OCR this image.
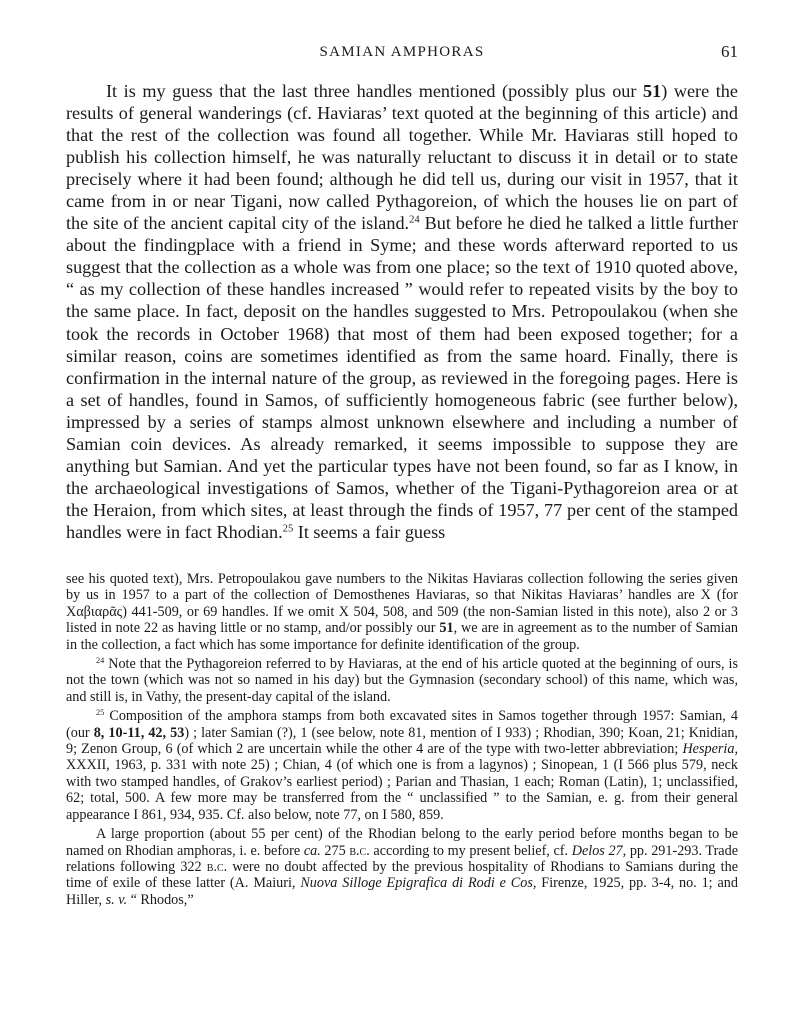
SAMIAN AMPHORAS	61

It is my guess that the last three handles mentioned (possibly plus our 51) were the results of general wanderings (cf. Haviaras’ text quoted at the beginning of this article) and that the rest of the collection was found all together. While Mr. Haviaras still hoped to publish his collection himself, he was naturally reluctant to discuss it in detail or to state precisely where it had been found; although he did tell us, during our visit in 1957, that it came from in or near Tigani, now called Pythagoreion, of which the houses lie on part of the site of the ancient capital city of the island.$^{24}$ But before he died he talked a little further about the findingplace with a friend in Syme; and these words afterward reported to us suggest that the collection as a whole was from one place; so the text of 1910 quoted above, “ as my collection of these handles increased ” would refer to repeated visits by the boy to the same place. In fact, deposit on the handles suggested to Mrs. Petropoulakou (when she took the records in October 1968) that most of them had been exposed together; for a similar reason, coins are sometimes identified as from the same hoard. Finally, there is confirmation in the internal nature of the group, as reviewed in the foregoing pages. Here is a set of handles, found in Samos, of sufficiently homogeneous fabric (see further below), impressed by a series of stamps almost unknown elsewhere and including a number of Samian coin devices. As already remarked, it seems impossible to suppose they are anything but Samian. And yet the particular types have not been found, so far as I know, in the archaeological investigations of Samos, whether of the Tigani-Pythagoreion area or at the Heraion, from which sites, at least through the finds of 1957, 77 per cent of the stamped handles were in fact Rhodian.$^{25}$ It seems a fair guess

see his quoted text), Mrs. Petropoulakou gave numbers to the Nikitas Haviaras collection following the series given by us in 1957 to a part of the collection of Demosthenes Haviaras, so that Nikitas Haviaras’ handles are X (for Χαβιαρᾶς) 441-509, or 69 handles. If we omit X 504, 508, and 509 (the non-Samian listed in this note), also 2 or 3 listed in note 22 as having little or no stamp, and/or possibly our 51, we are in agreement as to the number of Samian in the collection, a fact which has some importance for definite identification of the group.

$^{24}$ Note that the Pythagoreion referred to by Haviaras, at the end of his article quoted at the beginning of ours, is not the town (which was not so named in his day) but the Gymnasion (secondary school) of this name, which was, and still is, in Vathy, the present-day capital of the island.

$^{25}$ Composition of the amphora stamps from both excavated sites in Samos together through 1957: Samian, 4 (our 8, 10-11, 42, 53) ; later Samian (?), 1 (see below, note 81, mention of I 933) ; Rhodian, 390; Koan, 21; Knidian, 9; Zenon Group, 6 (of which 2 are uncertain while the other 4 are of the type with two-letter abbreviation; Hesperia, XXXII, 1963, p. 331 with note 25) ; Chian, 4 (of which one is from a lagynos) ; Sinopean, 1 (I 566 plus 579, neck with two stamped handles, of Grakov’s earliest period) ; Parian and Thasian, 1 each; Roman (Latin), 1; unclassified, 62; total, 500. A few more may be transferred from the “ unclassified ” to the Samian, e. g. from their general appearance I 861, 934, 935. Cf. also below, note 77, on I 580, 859.

A large proportion (about 55 per cent) of the Rhodian belong to the early period before months began to be named on Rhodian amphoras, i. e. before ca. 275 b.c. according to my present belief, cf. Delos 27, pp. 291-293. Trade relations following 322 b.c. were no doubt affected by the previous hospitality of Rhodians to Samians during the time of exile of these latter (A. Maiuri, Nuova Silloge Epigrafica di Rodi e Cos, Firenze, 1925, pp. 3-4, no. 1; and Hiller, s. v. “ Rhodos,”
